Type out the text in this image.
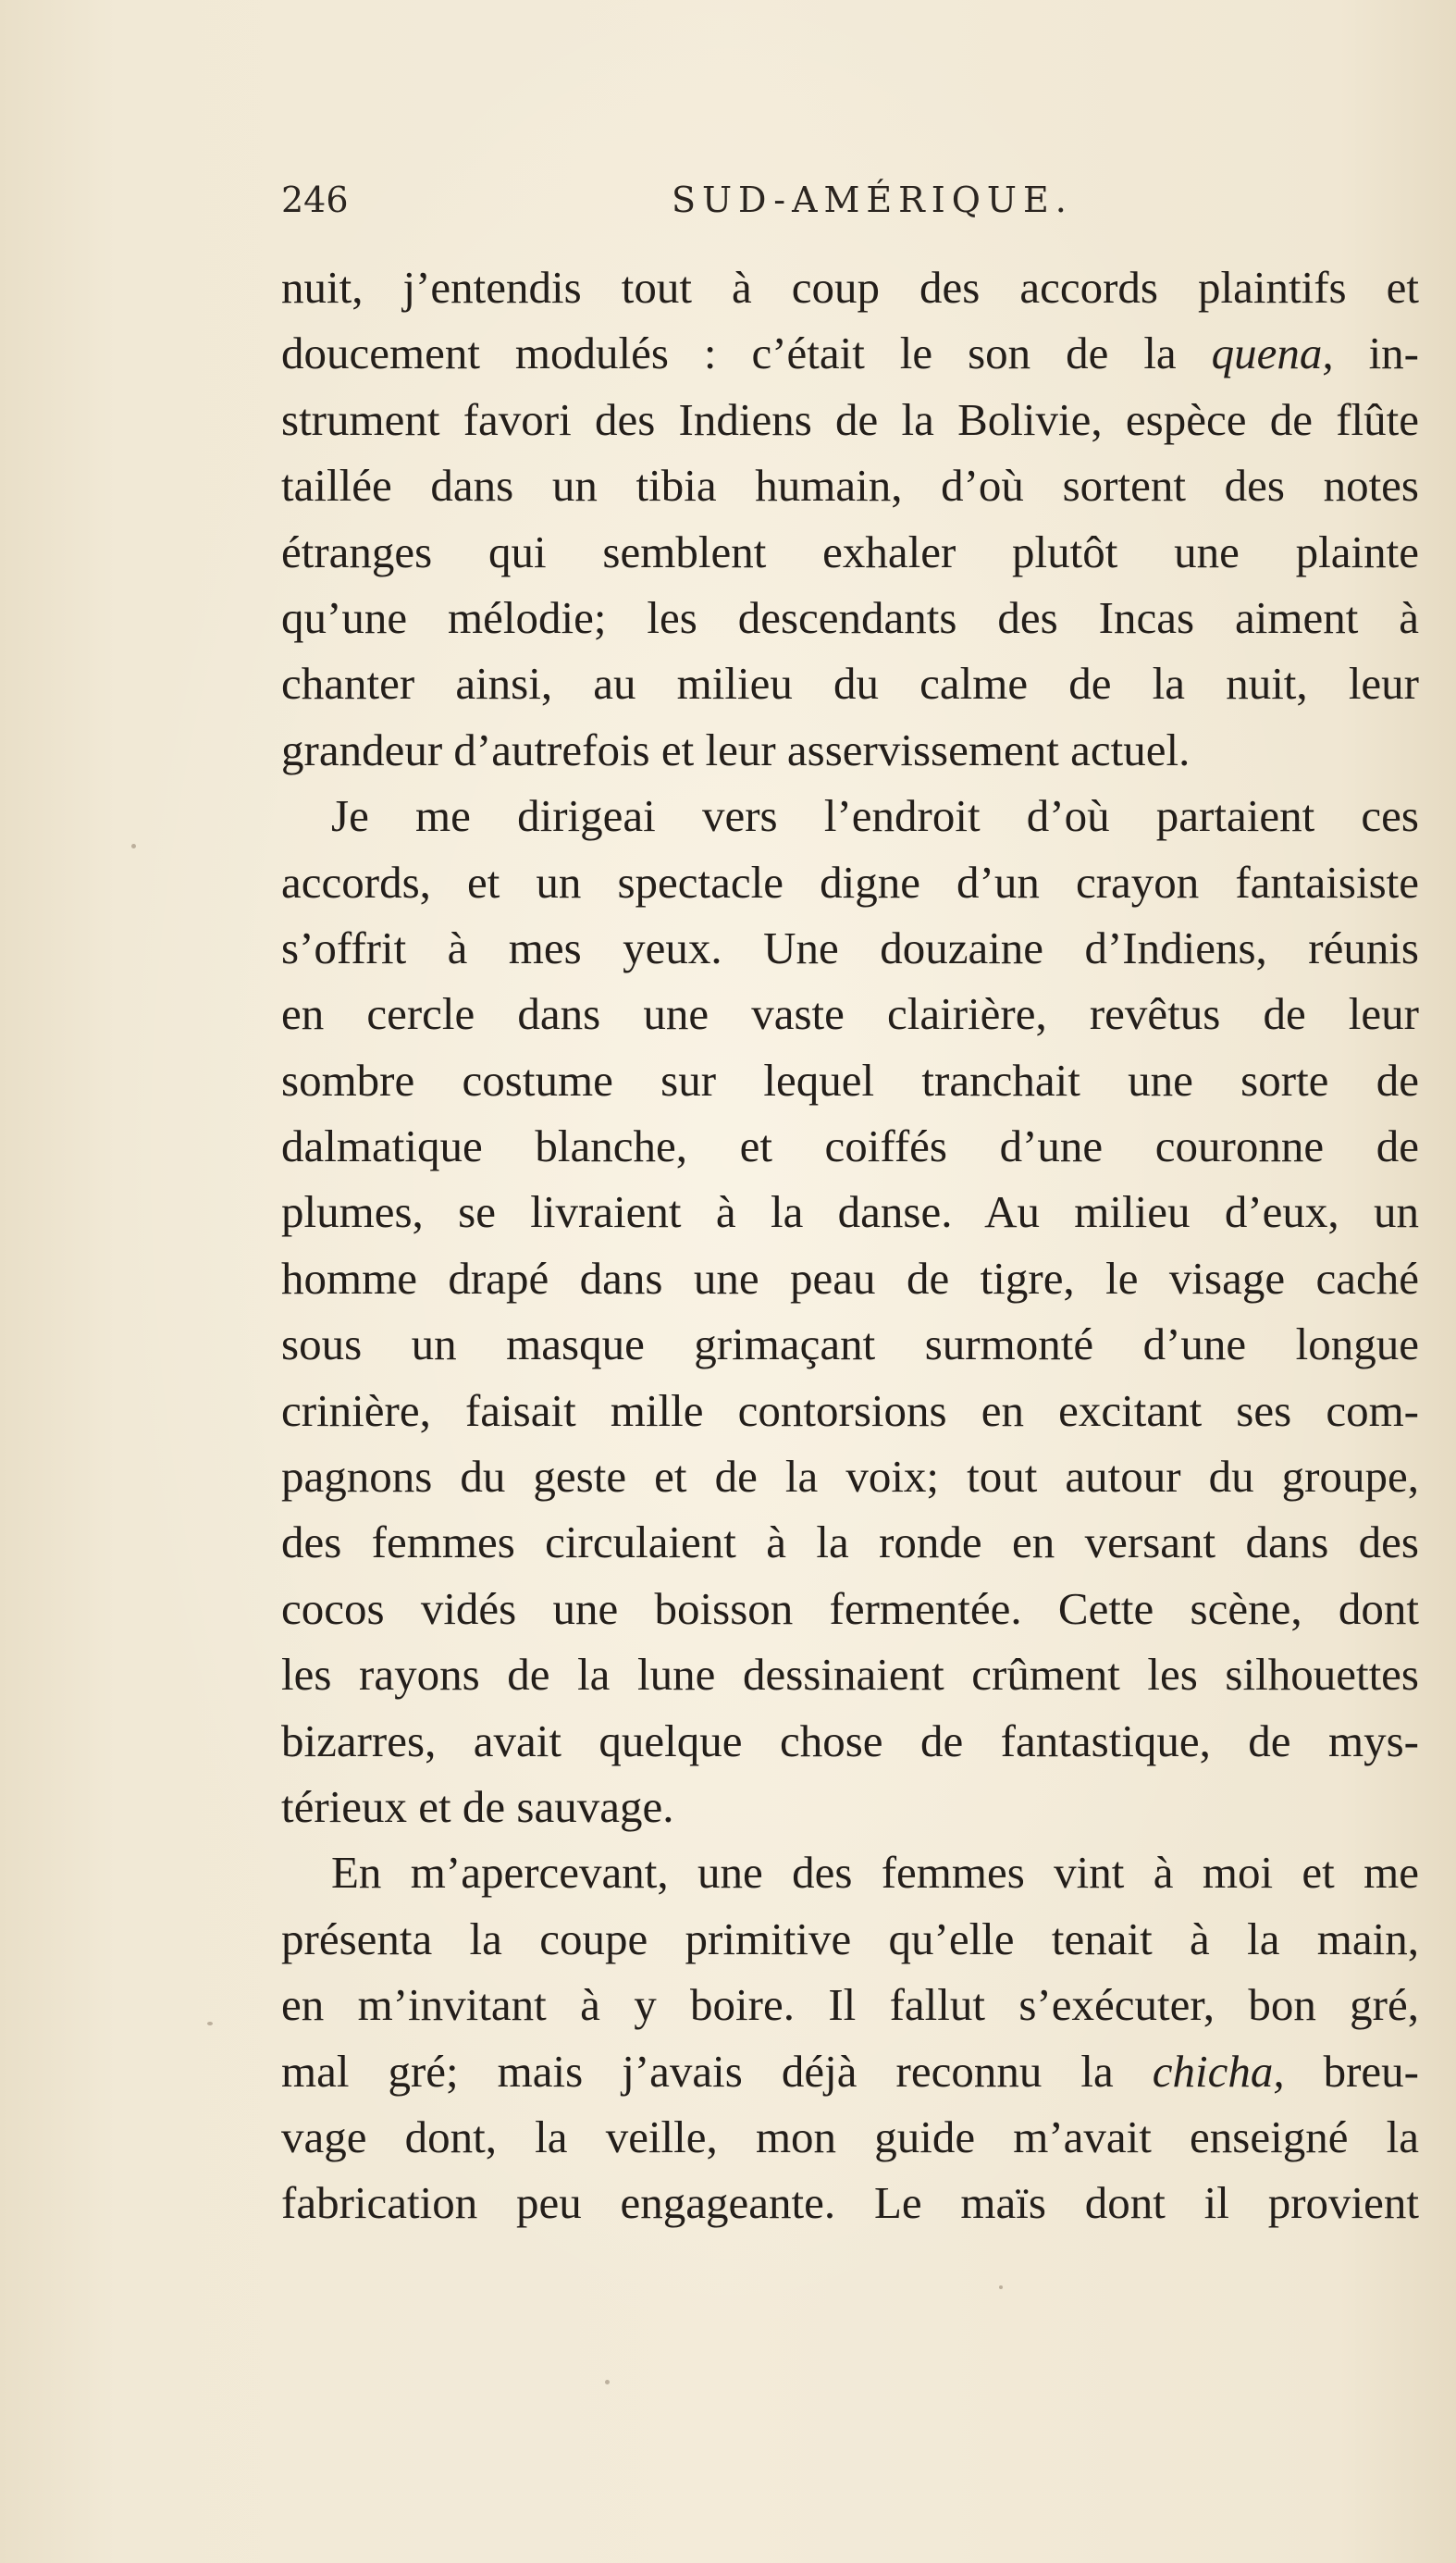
246	SUD-AMÉRIQUE.
nuit, j’entendis tout à coup des accords plaintifs et
doucement modulés : c’était le son de la quena, in-
strument favori des Indiens de la Bolivie, espèce de flûte
taillée dans un tibia humain, d’où sortent des notes
étranges qui semblent exhaler plutôt une plainte
qu’une mélodie; les descendants des Incas aiment à
chanter ainsi, au milieu du calme de la nuit, leur
grandeur d’autrefois et leur asservissement actuel.
Je me dirigeai vers l’endroit d’où partaient ces
accords, et un spectacle digne d’un crayon fantaisiste
s’offrit à mes yeux. Une douzaine d’Indiens, réunis
en cercle dans une vaste clairière, revêtus de leur
sombre costume sur lequel tranchait une sorte de
dalmatique blanche, et coiffés d’une couronne de
plumes, se livraient à la danse. Au milieu d’eux, un
homme drapé dans une peau de tigre, le visage caché
sous un masque grimaçant surmonté d’une longue
crinière, faisait mille contorsions en excitant ses com-
pagnons du geste et de la voix; tout autour du groupe,
des femmes circulaient à la ronde en versant dans des
cocos vidés une boisson fermentée. Cette scène, dont
les rayons de la lune dessinaient crûment les silhouettes
bizarres, avait quelque chose de fantastique, de mys-
térieux et de sauvage.
En m’apercevant, une des femmes vint à moi et me
présenta la coupe primitive qu’elle tenait à la main,
en m’invitant à y boire. Il fallut s’exécuter, bon gré,
mal gré; mais j’avais déjà reconnu la chicha, breu-
vage dont, la veille, mon guide m’avait enseigné la
fabrication peu engageante. Le maïs dont il provient
